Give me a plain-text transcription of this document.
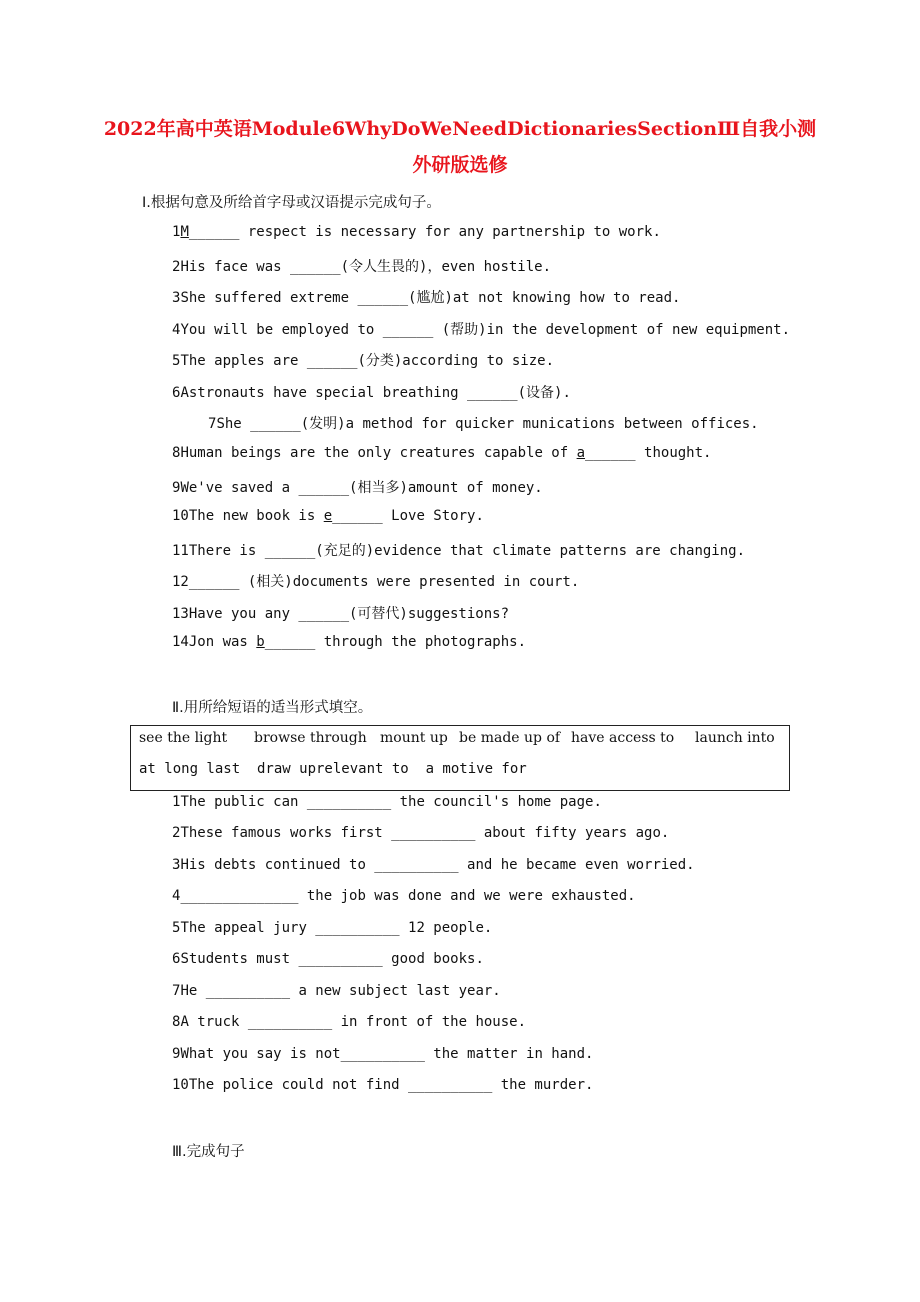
2022年高中英语Module6WhyDoWeNeedDictionariesSectionⅢ自我小测
外研版选修
Ⅰ.根据句意及所给首字母或汉语提示完成句子。
1M______ respect is necessary for any partnership to work.
2His face was ______(令人生畏的)，even hostile.
3She suffered extreme ______(尴尬)at not knowing how to read.
4You will be employed to ______ (帮助)in the development of new equipment.
5The apples are ______(分类)according to size.
6Astronauts have special breathing ______(设备).
7She ______(发明)a method for quicker munications between offices.
8Human beings are the only creatures capable of a______ thought.
9We've saved a ______(相当多)amount of money.
10The new book is e______ Love Story.
11There is ______(充足的)evidence that climate patterns are changing.
12______ (相关)documents were presented in court.
13Have you any ______(可替代)suggestions?
14Jon was b______ through the photographs.
Ⅱ.用所给短语的适当形式填空。
see the light browse through mount up be made up of have access to launch into
at long last  draw uprelevant to  a motive for
1The public can __________ the council's home page.
2These famous works first __________ about fifty years ago.
3His debts continued to __________ and he became even worried.
4______________ the job was done and we were exhausted.
5The appeal jury __________ 12 people.
6Students must __________ good books.
7He __________ a new subject last year.
8A truck __________ in front of the house.
9What you say is not__________ the matter in hand.
10The police could not find __________ the murder.
Ⅲ.完成句子
